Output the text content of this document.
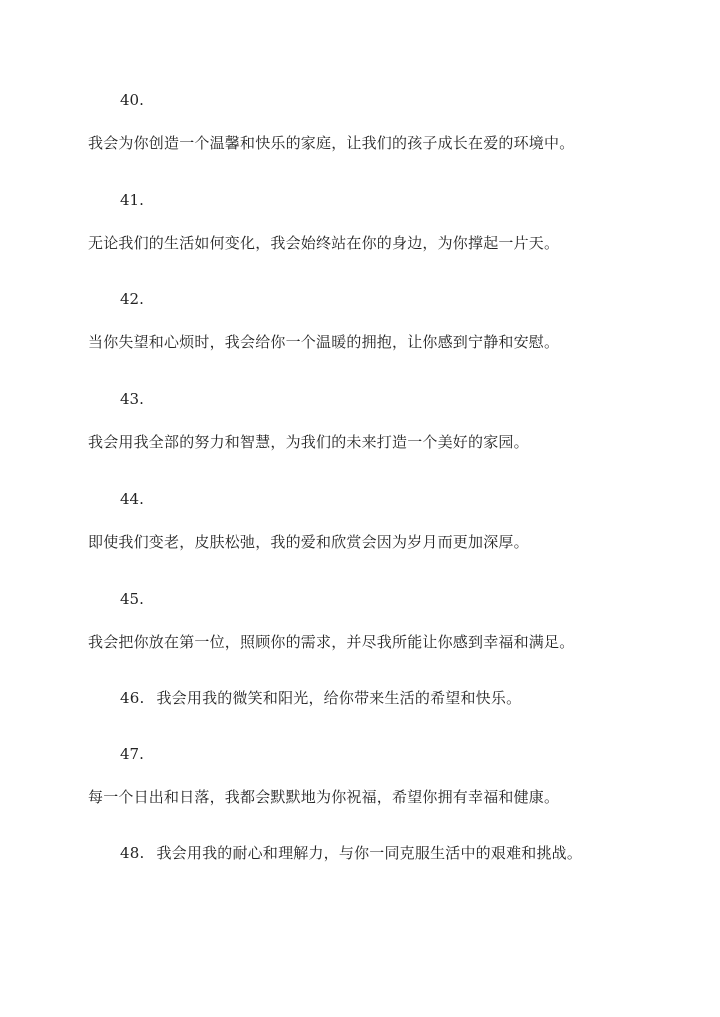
40.
我会为你创造一个温馨和快乐的家庭，让我们的孩子成长在爱的环境中。
41.
无论我们的生活如何变化，我会始终站在你的身边，为你撑起一片天。
42.
当你失望和心烦时，我会给你一个温暖的拥抱，让你感到宁静和安慰。
43.
我会用我全部的努力和智慧，为我们的未来打造一个美好的家园。
44.
即使我们变老，皮肤松弛，我的爱和欣赏会因为岁月而更加深厚。
45.
我会把你放在第一位，照顾你的需求，并尽我所能让你感到幸福和满足。
46. 我会用我的微笑和阳光，给你带来生活的希望和快乐。
47.
每一个日出和日落，我都会默默地为你祝福，希望你拥有幸福和健康。
48. 我会用我的耐心和理解力，与你一同克服生活中的艰难和挑战。
